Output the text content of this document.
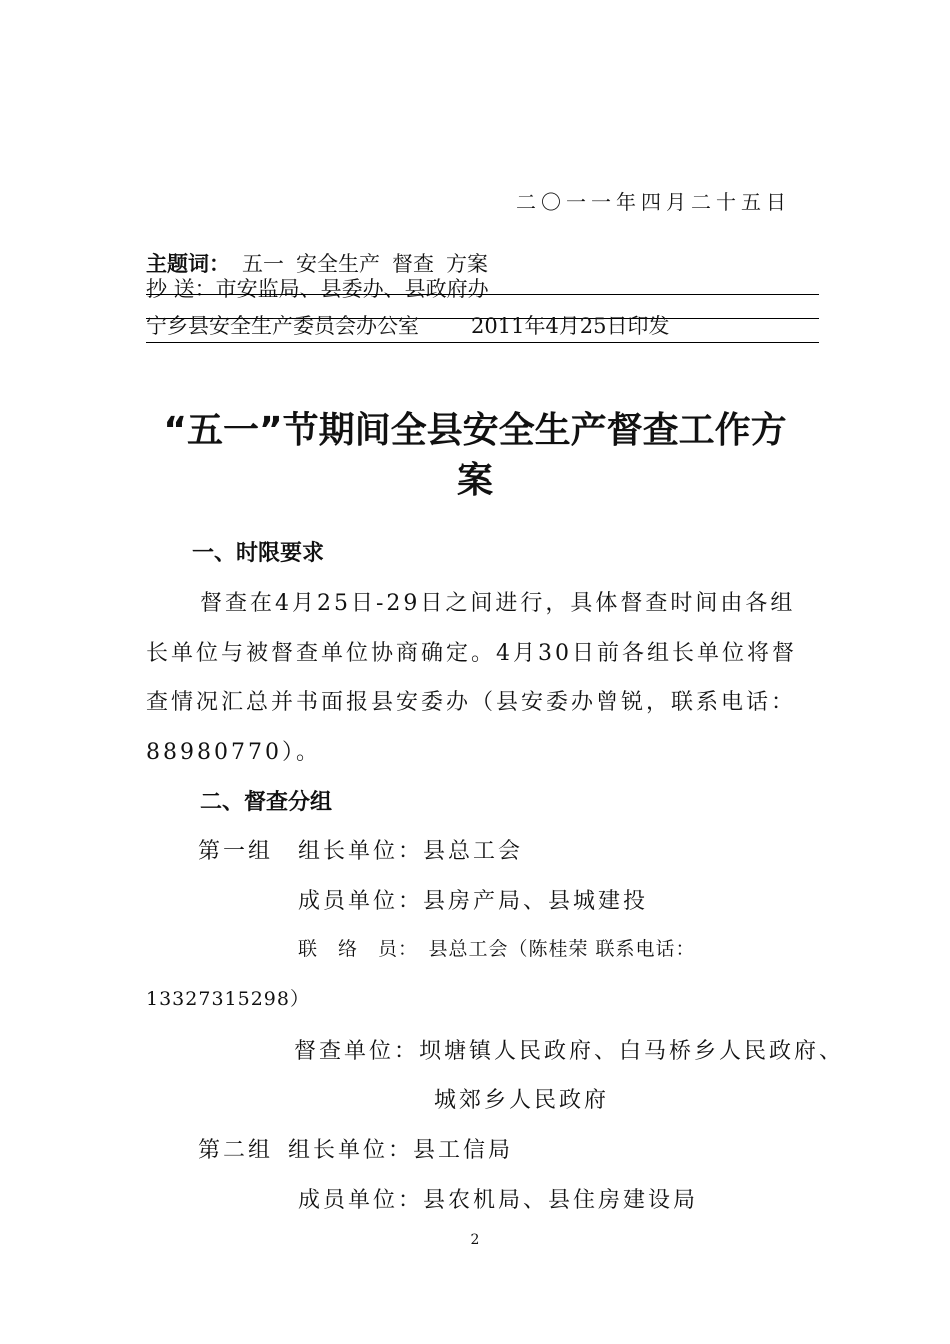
二〇一一年四月二十五日
主题词： 五一 安全生产 督查 方案
抄 送：市安监局、县委办、县政府办
宁乡县安全生产委员会办公室 2011年4月25日印发
“五一”节期间全县安全生产督查工作方
案
一、时限要求
督查在4月25日-29日之间进行，具体督查时间由各组
长单位与被督查单位协商确定。4月30日前各组长单位将督
查情况汇总并书面报县安委办（县安委办曾锐，联系电话：
88980770）。
二、督查分组
第一组 组长单位：县总工会
成员单位：县房产局、县城建投
联　络　员：　县总工会（陈桂荣 联系电话：
13327315298）
督查单位：坝塘镇人民政府、白马桥乡人民政府、
城郊乡人民政府
第二组 组长单位：县工信局
成员单位：县农机局、县住房建设局
2
